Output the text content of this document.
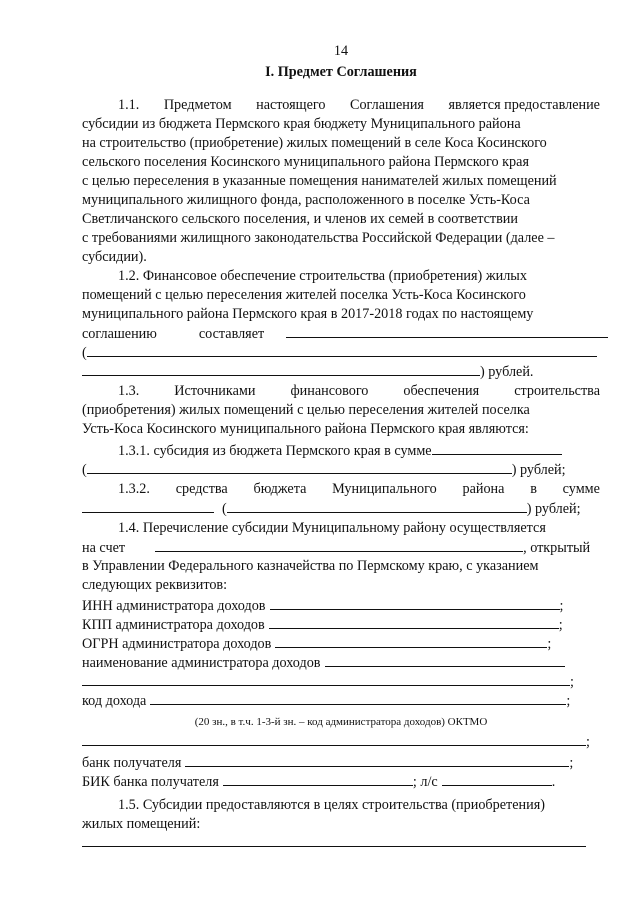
14
I. Предмет Соглашения
1.1. Предметом настоящего Соглашения является предоставление
субсидии из бюджета Пермского края бюджету Муниципального района
на строительство (приобретение) жилых помещений в селе Коса Косинского
сельского поселения Косинского муниципального района Пермского края
с целью переселения в указанные помещения нанимателей жилых помещений
муниципального жилищного фонда, расположенного в поселке Усть-Коса
Светличанского сельского поселения, и членов их семей в соответствии
с требованиями жилищного законодательства Российской Федерации (далее –
субсидии).
1.2. Финансовое обеспечение строительства (приобретения) жилых
помещений с целью переселения жителей поселка Усть-Коса Косинского
муниципального района Пермского края в 2017-2018 годах по настоящему
соглашению	составляет
(
) рублей.
1.3. Источниками финансового обеспечения строительства
(приобретения) жилых помещений с целью переселения жителей поселка
Усть-Коса Косинского муниципального района Пермского края являются:
1.3.1. субсидия из бюджета Пермского края в сумме
(	) рублей;
1.3.2. средства бюджета Муниципального района в сумме
(	) рублей;
1.4. Перечисление субсидии Муниципальному району осуществляется
на счет	, открытый
в Управлении Федерального казначейства по Пермскому краю, с указанием
следующих реквизитов:
ИНН администратора доходов	;
КПП администратора доходов	;
ОГРН администратора доходов	;
наименование администратора доходов
;
код дохода	;
(20 зн., в т.ч. 1-3-й зн. – код администратора доходов) ОКТМО
;
банк получателя	;
БИК банка получателя	; л/с	.
1.5. Субсидии предоставляются в целях строительства (приобретения)
жилых помещений:
